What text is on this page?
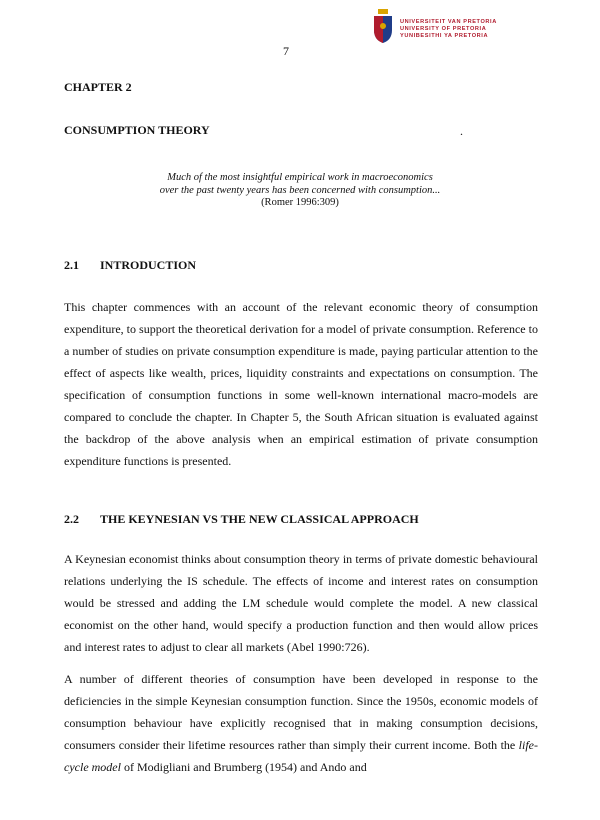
7
UNIVERSITEIT VAN PRETORIA
UNIVERSITY OF PRETORIA
YUNIBESITHI YA PRETORIA
CHAPTER 2
CONSUMPTION THEORY	.
Much of the most insightful empirical work in macroeconomics
over the past twenty years has been concerned with consumption...
(Romer 1996:309)
2.1 INTRODUCTION
This chapter commences with an account of the relevant economic theory of consumption expenditure, to support the theoretical derivation for a model of private consumption. Reference to a number of studies on private consumption expenditure is made, paying particular attention to the effect of aspects like wealth, prices, liquidity constraints and expectations on consumption. The specification of consumption functions in some well-known international macro-models are compared to conclude the chapter. In Chapter 5, the South African situation is evaluated against the backdrop of the above analysis when an empirical estimation of private consumption expenditure functions is presented.
2.2 THE KEYNESIAN VS THE NEW CLASSICAL APPROACH
A Keynesian economist thinks about consumption theory in terms of private domestic behavioural relations underlying the IS schedule. The effects of income and interest rates on consumption would be stressed and adding the LM schedule would complete the model. A new classical economist on the other hand, would specify a production function and then would allow prices and interest rates to adjust to clear all markets (Abel 1990:726).
A number of different theories of consumption have been developed in response to the deficiencies in the simple Keynesian consumption function. Since the 1950s, economic models of consumption behaviour have explicitly recognised that in making consumption decisions, consumers consider their lifetime resources rather than simply their current income. Both the life-cycle model of Modigliani and Brumberg (1954) and Ando and
